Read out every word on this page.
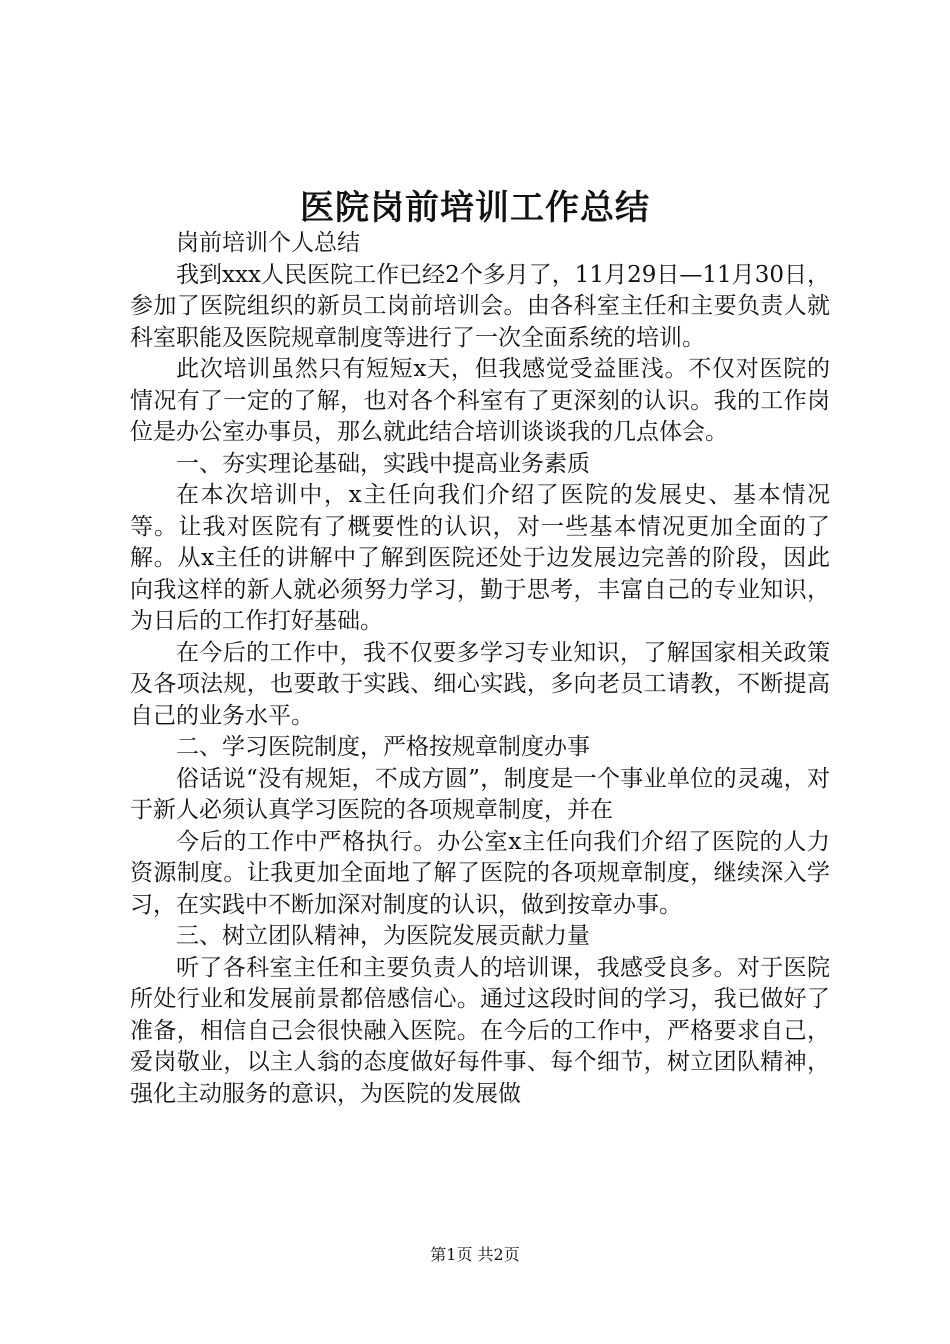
医院岗前培训工作总结

岗前培训个人总结

我到xxx人民医院工作已经2个多月了，11月29日—11月30日，参加了医院组织的新员工岗前培训会。由各科室主任和主要负责人就科室职能及医院规章制度等进行了一次全面系统的培训。

此次培训虽然只有短短x天，但我感觉受益匪浅。不仅对医院的情况有了一定的了解，也对各个科室有了更深刻的认识。我的工作岗位是办公室办事员，那么就此结合培训谈谈我的几点体会。

一、夯实理论基础，实践中提高业务素质

在本次培训中，x主任向我们介绍了医院的发展史、基本情况等。让我对医院有了概要性的认识，对一些基本情况更加全面的了解。从x主任的讲解中了解到医院还处于边发展边完善的阶段，因此向我这样的新人就必须努力学习，勤于思考，丰富自己的专业知识，为日后的工作打好基础。

在今后的工作中，我不仅要多学习专业知识，了解国家相关政策及各项法规，也要敢于实践、细心实践，多向老员工请教，不断提高自己的业务水平。

二、学习医院制度，严格按规章制度办事

俗话说“没有规矩，不成方圆”，制度是一个事业单位的灵魂，对于新人必须认真学习医院的各项规章制度，并在

今后的工作中严格执行。办公室x主任向我们介绍了医院的人力资源制度。让我更加全面地了解了医院的各项规章制度，继续深入学习，在实践中不断加深对制度的认识，做到按章办事。

三、树立团队精神，为医院发展贡献力量

听了各科室主任和主要负责人的培训课，我感受良多。对于医院所处行业和发展前景都倍感信心。通过这段时间的学习，我已做好了准备，相信自己会很快融入医院。在今后的工作中，严格要求自己，爱岗敬业，以主人翁的态度做好每件事、每个细节，树立团队精神，强化主动服务的意识，为医院的发展做

第1页 共2页
